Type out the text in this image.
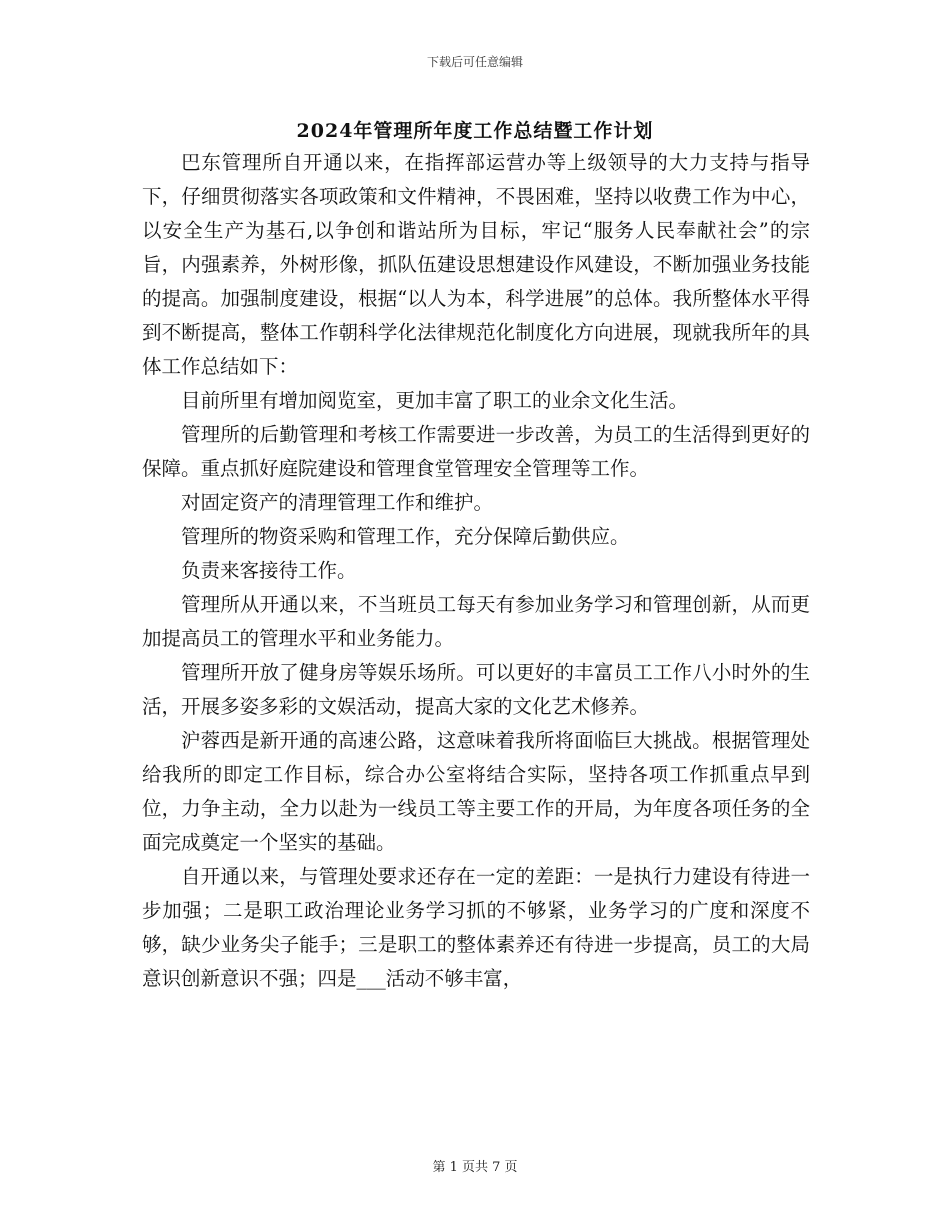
下载后可任意编辑
2024年管理所年度工作总结暨工作计划

巴东管理所自开通以来，在指挥部运营办等上级领导的大力支持与指导下，仔细贯彻落实各项政策和文件精神，不畏困难，坚持以收费工作为中心，以安全生产为基石,以争创和谐站所为目标，牢记“服务人民奉献社会”的宗旨，内强素养，外树形像，抓队伍建设思想建设作风建设，不断加强业务技能的提高。加强制度建设，根据“以人为本，科学进展”的总体。我所整体水平得到不断提高，整体工作朝科学化法律规范化制度化方向进展，现就我所年的具体工作总结如下：

目前所里有增加阅览室，更加丰富了职工的业余文化生活。

管理所的后勤管理和考核工作需要进一步改善，为员工的生活得到更好的保障。重点抓好庭院建设和管理食堂管理安全管理等工作。

对固定资产的清理管理工作和维护。

管理所的物资采购和管理工作，充分保障后勤供应。

负责来客接待工作。

管理所从开通以来，不当班员工每天有参加业务学习和管理创新，从而更加提高员工的管理水平和业务能力。

管理所开放了健身房等娱乐场所。可以更好的丰富员工工作八小时外的生活，开展多姿多彩的文娱活动，提高大家的文化艺术修养。

沪蓉西是新开通的高速公路，这意味着我所将面临巨大挑战。根据管理处给我所的即定工作目标，综合办公室将结合实际，坚持各项工作抓重点早到位，力争主动，全力以赴为一线员工等主要工作的开局，为年度各项任务的全面完成奠定一个坚实的基础。

自开通以来，与管理处要求还存在一定的差距：一是执行力建设有待进一步加强；二是职工政治理论业务学习抓的不够紧，业务学习的广度和深度不够，缺少业务尖子能手；三是职工的整体素养还有待进一步提高，员工的大局意识创新意识不强；四是___活动不够丰富，

第 1 页共 7 页
